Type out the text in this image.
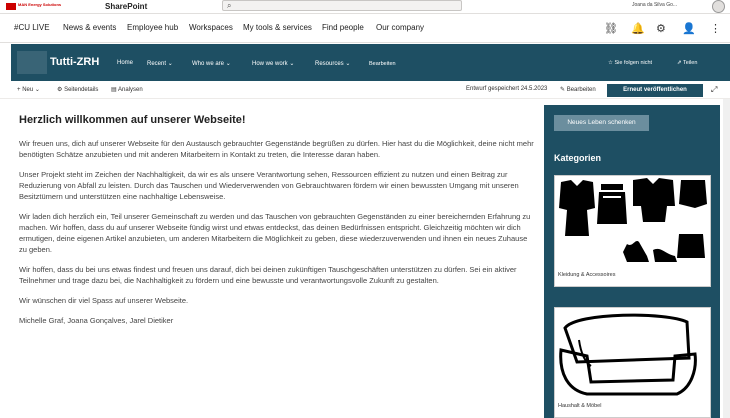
MAN Energy Solutions	SharePoint	⌕	Joana da Silva Go...
#CU LIVE News & events Employee hub Workspaces My tools & services Find people Our company	⛓ 🔔 ⚙ 👤 ⋮
Tutti-ZRH	Home Recent ⌄	Who we are ⌄	How we work ⌄	Resources ⌄	Bearbeiten	☆ Sie folgen nicht	⇗ Teilen
+ Neu ⌄	⚙ Seitendetails ▤ Analysen	Entwurf gespeichert 24.5.2023 ✎ Bearbeiten	Erneut veröffentlichen	⤢
Herzlich willkommen auf unserer Webseite!

Wir freuen uns, dich auf unserer Webseite für den Austausch gebrauchter Gegenstände begrüßen zu dürfen. Hier hast du die Möglichkeit, deine nicht mehr benötigten Schätze anzubieten und mit anderen Mitarbeitern in Kontakt zu treten, die Interesse daran haben.

Unser Projekt steht im Zeichen der Nachhaltigkeit, da wir es als unsere Verantwortung sehen, Ressourcen effizient zu nutzen und einen Beitrag zur Reduzierung von Abfall zu leisten. Durch das Tauschen und Wiederverwenden von Gebrauchtwaren fördern wir einen bewussten Umgang mit unseren Besitztümern und unterstützen eine nachhaltige Lebensweise.

Wir laden dich herzlich ein, Teil unserer Gemeinschaft zu werden und das Tauschen von gebrauchten Gegenständen zu einer bereichernden Erfahrung zu machen. Wir hoffen, dass du auf unserer Webseite fündig wirst und etwas entdeckst, das deinen Bedürfnissen entspricht. Gleichzeitig möchten wir dich ermutigen, deine eigenen Artikel anzubieten, um anderen Mitarbeitern die Möglichkeit zu geben, diese wiederzuverwenden und ihnen ein neues Zuhause zu geben.

Wir hoffen, dass du bei uns etwas findest und freuen uns darauf, dich bei deinen zukünftigen Tauschgeschäften unterstützen zu dürfen. Sei ein aktiver Teilnehmer und trage dazu bei, die Nachhaltigkeit zu fördern und eine bewusste und verantwortungsvolle Zukunft zu gestalten.

Wir wünschen dir viel Spass auf unserer Webseite.

Michelle Graf, Joana Gonçalves, Jarel Dietiker

Neues Leben schenken
Kategorien
Kleidung & Accessoires
Haushalt & Möbel
